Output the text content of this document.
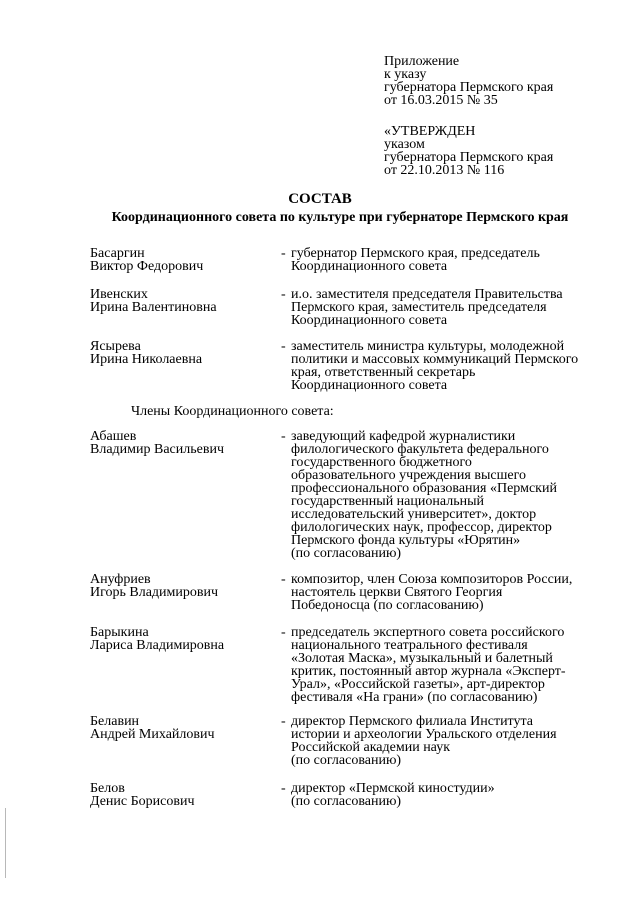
Приложение
к указу
губернатора Пермского края
от 16.03.2015 № 35
«УТВЕРЖДЕН
указом
губернатора Пермского края
от 22.10.2013 № 116
СОСТАВ
Координационного совета по культуре при губернаторе Пермского края
Басаргин
Виктор Федорович
- губернатор Пермского края, председатель
Координационного совета
Ивенских
Ирина Валентиновна
- и.о. заместителя председателя Правительства
Пермского края, заместитель председателя
Координационного совета
Ясырева
Ирина Николаевна
- заместитель министра культуры, молодежной
политики и массовых коммуникаций Пермского
края, ответственный секретарь
Координационного совета
Члены Координационного совета:
Абашев
Владимир Васильевич
- заведующий кафедрой журналистики
филологического факультета федерального
государственного бюджетного
образовательного учреждения высшего
профессионального образования «Пермский
государственный национальный
исследовательский университет», доктор
филологических наук, профессор, директор
Пермского фонда культуры «Юрятин»
(по согласованию)
Ануфриев
Игорь Владимирович
- композитор, член Союза композиторов России,
настоятель церкви Святого Георгия
Победоносца (по согласованию)
Барыкина
Лариса Владимировна
- председатель экспертного совета российского
национального театрального фестиваля
«Золотая Маска», музыкальный и балетный
критик, постоянный автор журнала «Эксперт-
Урал», «Российской газеты», арт-директор
фестиваля «На грани» (по согласованию)
Белавин
Андрей Михайлович
- директор Пермского филиала Института
истории и археологии Уральского отделения
Российской академии наук
(по согласованию)
Белов
Денис Борисович
- директор «Пермской киностудии»
(по согласованию)
